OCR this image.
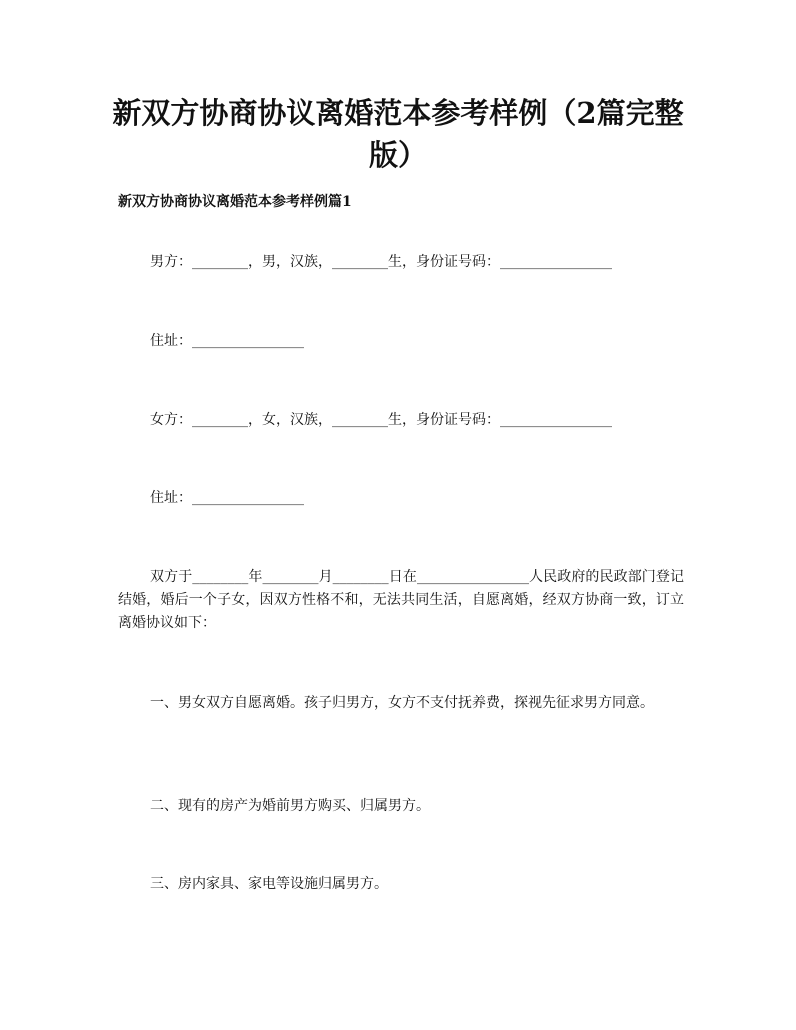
新双方协商协议离婚范本参考样例（2篇完整版）
新双方协商协议离婚范本参考样例篇1

男方：________，男，汉族，________生，身份证号码：________________

住址：________________

女方：________，女，汉族，________生，身份证号码：________________

住址：________________

双方于________年________月________日在________________人民政府的民政部门登记结婚，婚后一个子女，因双方性格不和，无法共同生活，自愿离婚，经双方协商一致，订立离婚协议如下：

一、男女双方自愿离婚。孩子归男方，女方不支付抚养费，探视先征求男方同意。

二、现有的房产为婚前男方购买、归属男方。

三、房内家具、家电等设施归属男方。
